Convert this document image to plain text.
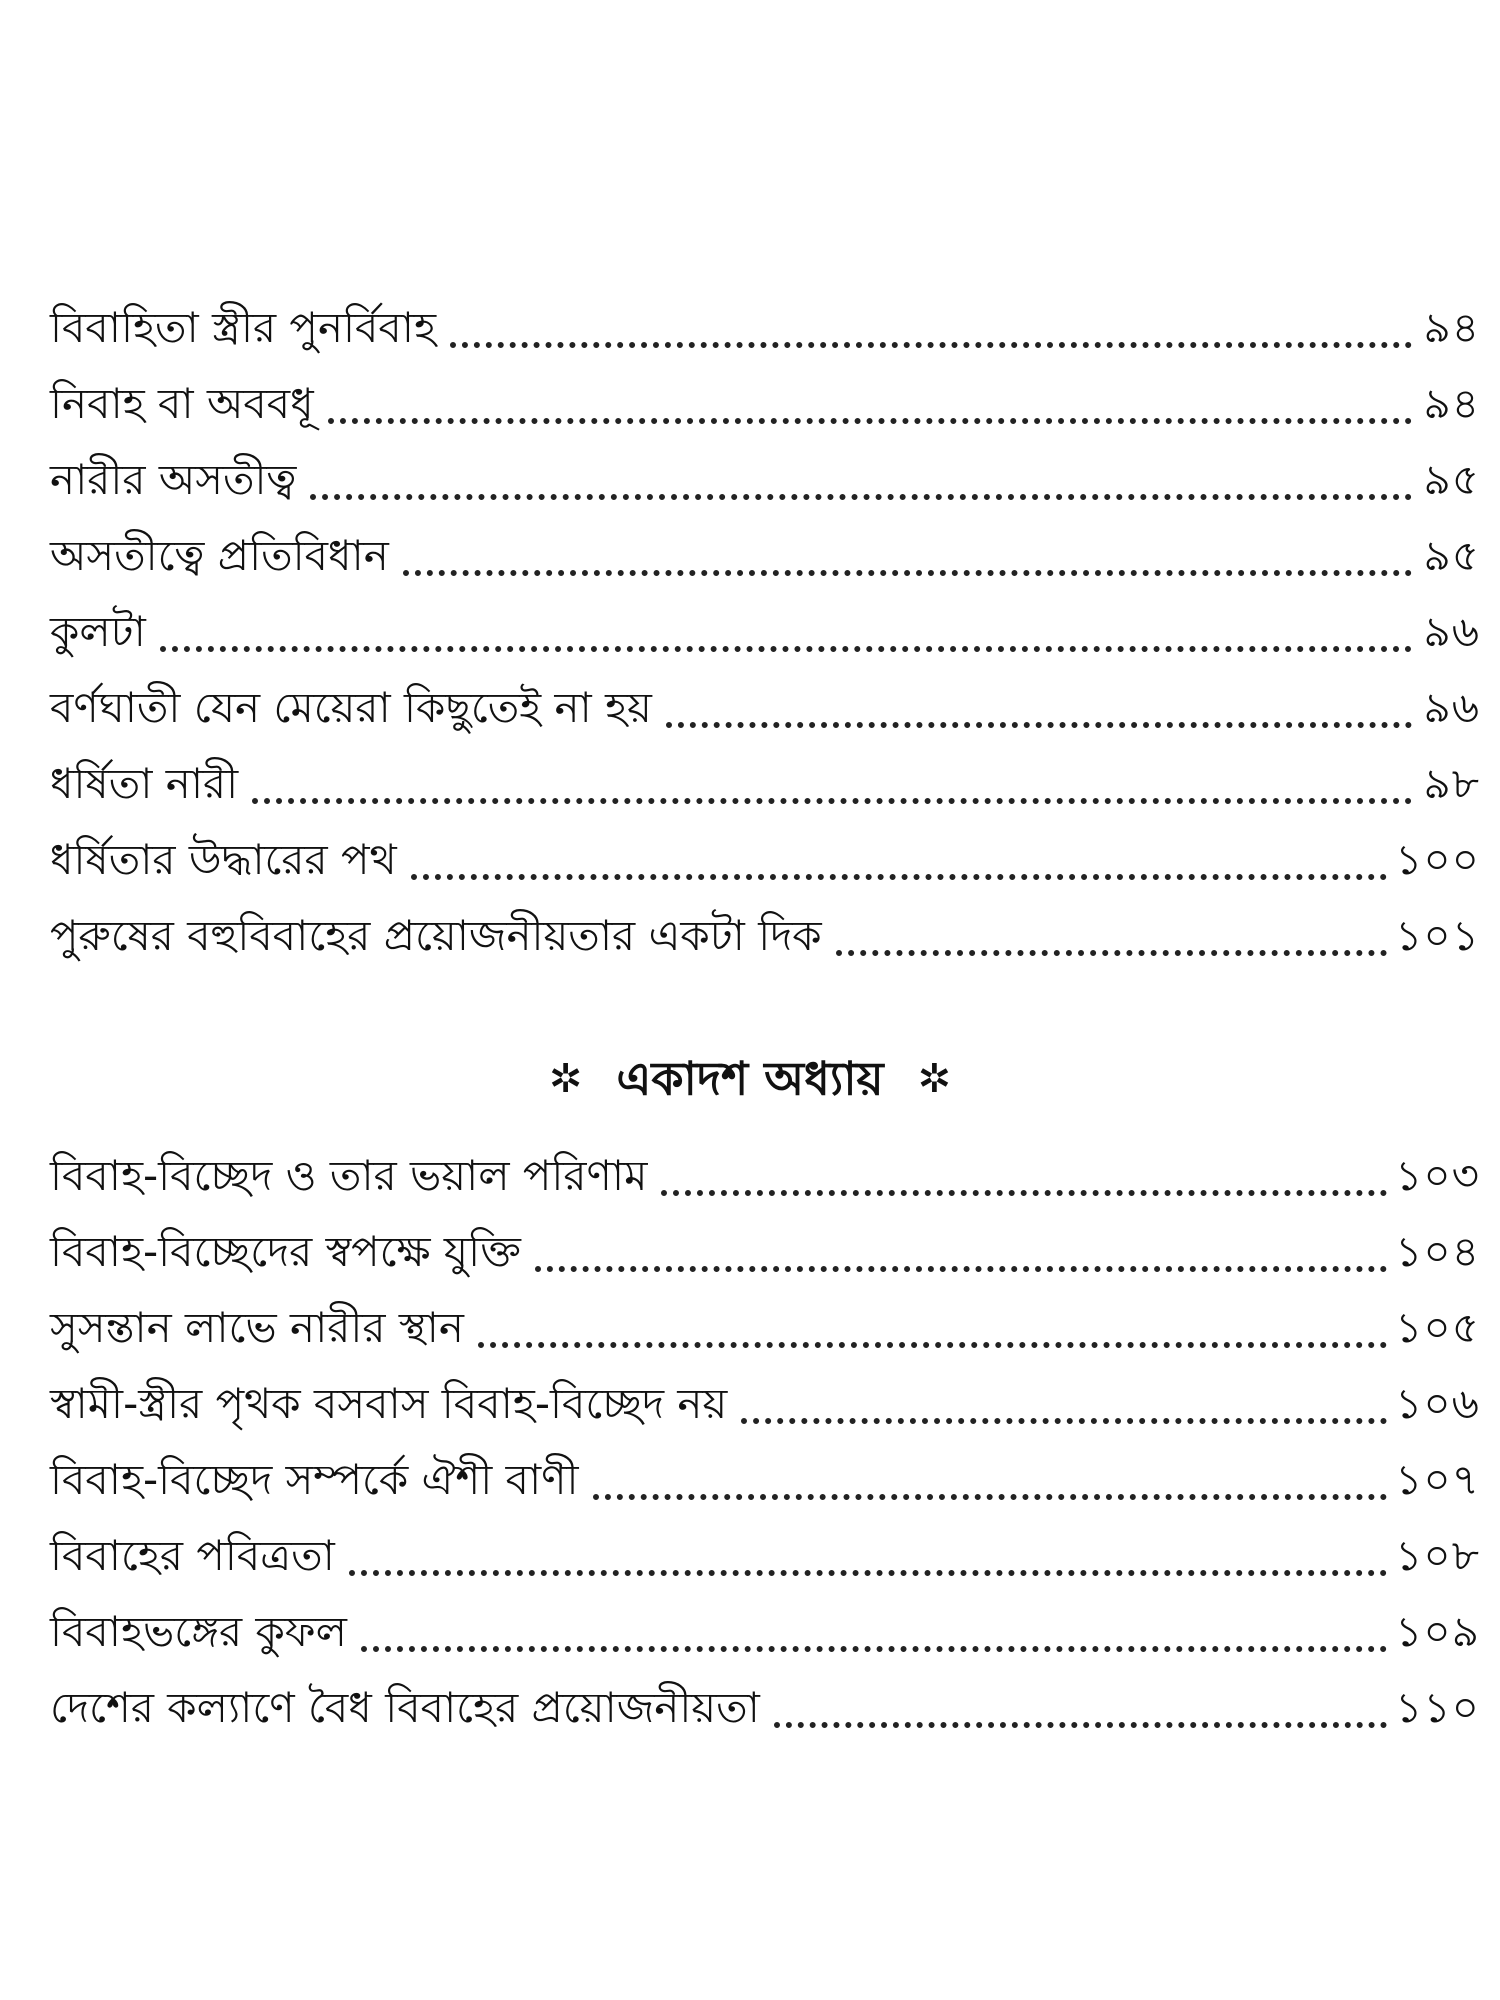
বিবাহিতা স্ত্রীর পুনর্বিবাহ	৯৪
নিবাহ বা অববধূ	৯৪
নারীর অসতীত্ব	৯৫
অসতীত্বে প্রতিবিধান	৯৫
কুলটা	৯৬
বর্ণঘাতী যেন মেয়েরা কিছুতেই না হয়	৯৬
ধর্ষিতা নারী	৯৮
ধর্ষিতার উদ্ধারের পথ	১০০
পুরুষের বহুবিবাহের প্রয়োজনীয়তার একটা দিক	১০১
✲ একাদশ অধ্যায় ✲
বিবাহ-বিচ্ছেদ ও তার ভয়াল পরিণাম	১০৩
বিবাহ-বিচ্ছেদের স্বপক্ষে যুক্তি	১০৪
সুসন্তান লাভে নারীর স্থান	১০৫
স্বামী-স্ত্রীর পৃথক বসবাস বিবাহ-বিচ্ছেদ নয়	১০৬
বিবাহ-বিচ্ছেদ সম্পর্কে ঐশী বাণী	১০৭
বিবাহের পবিত্রতা	১০৮
বিবাহভঙ্গের কুফল	১০৯
দেশের কল্যাণে বৈধ বিবাহের প্রয়োজনীয়তা	১১০
